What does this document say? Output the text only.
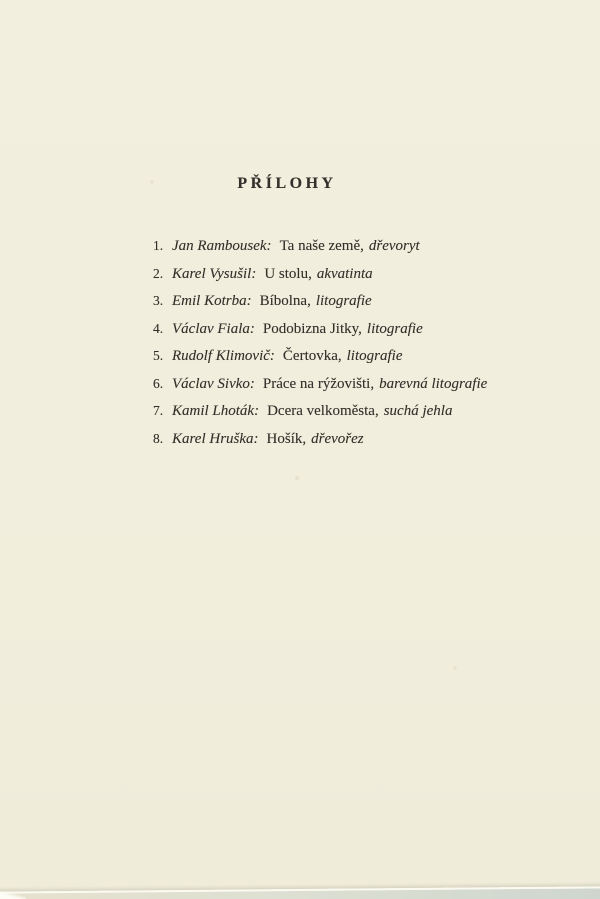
PŘÍLOHY
1. Jan Rambousek: Ta naše země, dřevoryt
2. Karel Vysušil: U stolu, akvatinta
3. Emil Kotrba: Bíbolna, litografie
4. Václav Fiala: Podobizna Jitky, litografie
5. Rudolf Klimovič: Čertovka, litografie
6. Václav Sivko: Práce na rýžovišti, barevná litografie
7. Kamil Lhoták: Dcera velkoměsta, suchá jehla
8. Karel Hruška: Hošík, dřevořez
